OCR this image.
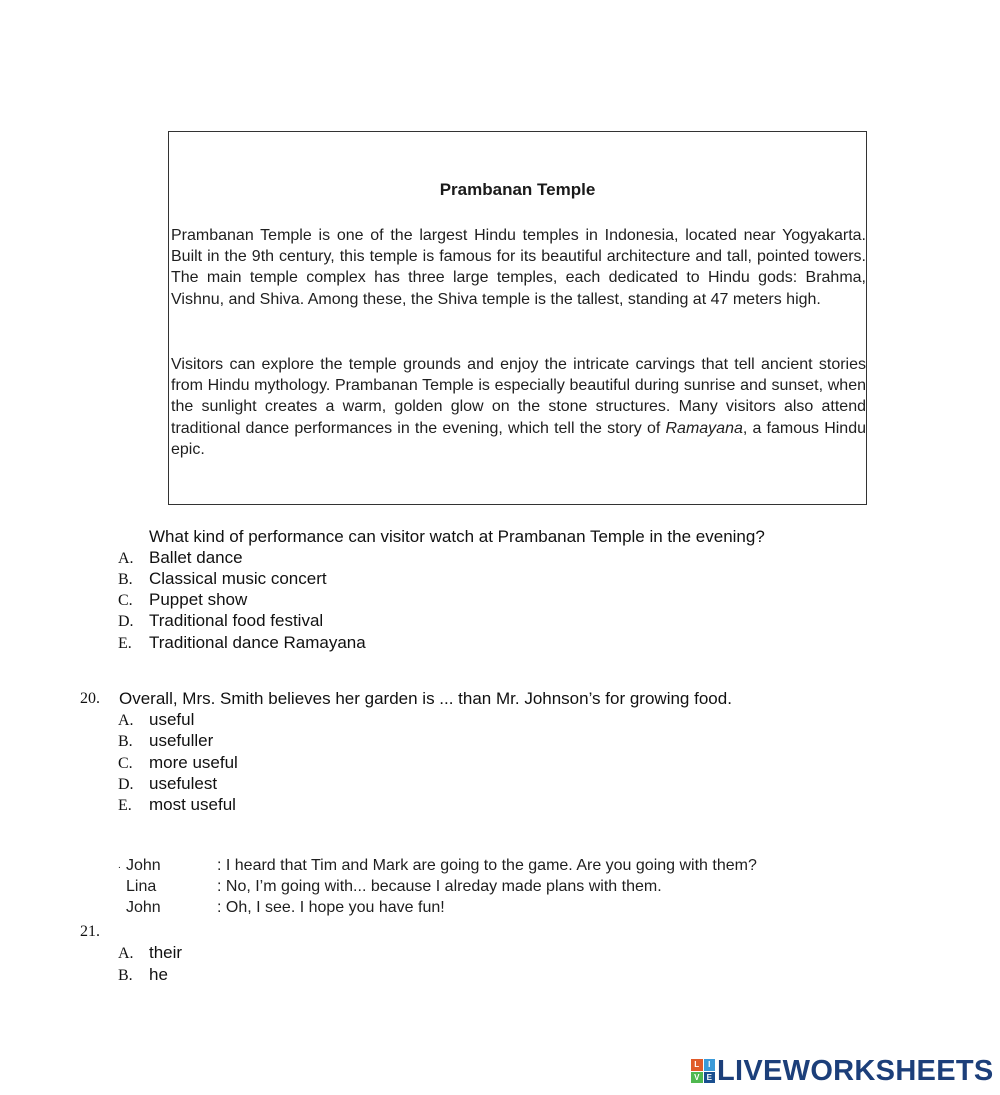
Prambanan Temple
Prambanan Temple is one of the largest Hindu temples in Indonesia, located near Yogyakarta. Built in the 9th century, this temple is famous for its beautiful architecture and tall, pointed towers. The main temple complex has three large temples, each dedicated to Hindu gods: Brahma, Vishnu, and Shiva. Among these, the Shiva temple is the tallest, standing at 47 meters high.
Visitors can explore the temple grounds and enjoy the intricate carvings that tell ancient stories from Hindu mythology. Prambanan Temple is especially beautiful during sunrise and sunset, when the sunlight creates a warm, golden glow on the stone structures. Many visitors also attend traditional dance performances in the evening, which tell the story of Ramayana, a famous Hindu epic.
What kind of performance can visitor watch at Prambanan Temple in the evening?
A. Ballet dance
B. Classical music concert
C. Puppet show
D. Traditional food festival
E. Traditional dance Ramayana
20. Overall, Mrs. Smith believes her garden is ... than Mr. Johnson’s for growing food.
A. useful
B. usefuller
C. more useful
D. usefulest
E. most useful
. John	: I heard that Tim and Mark are going to the game. Are you going with them?
Lina	: No, I’m going with... because I alreday made plans with them.
John	: Oh, I see. I hope you have fun!
21.
A. their
B. he
L	I
V E LIVEWORKSHEETS
